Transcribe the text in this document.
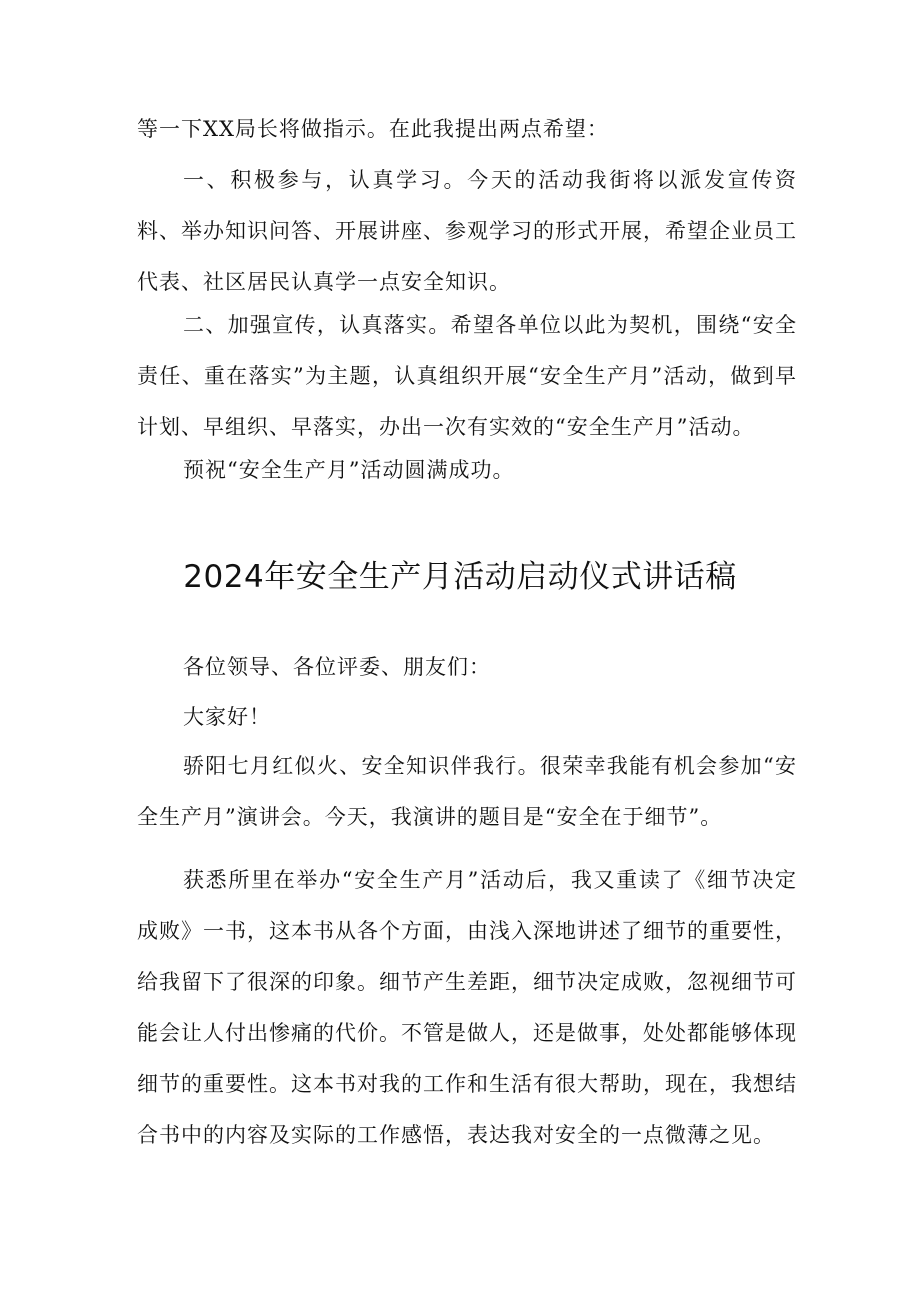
等一下XX局长将做指示。在此我提出两点希望：

一、积极参与，认真学习。今天的活动我街将以派发宣传资料、举办知识问答、开展讲座、参观学习的形式开展，希望企业员工代表、社区居民认真学一点安全知识。

二、加强宣传，认真落实。希望各单位以此为契机，围绕“安全责任、重在落实”为主题，认真组织开展“安全生产月”活动，做到早计划、早组织、早落实，办出一次有实效的“安全生产月”活动。

预祝“安全生产月”活动圆满成功。

2024年安全生产月活动启动仪式讲话稿

各位领导、各位评委、朋友们：

大家好！

骄阳七月红似火、安全知识伴我行。很荣幸我能有机会参加“安全生产月”演讲会。今天，我演讲的题目是“安全在于细节”。

获悉所里在举办“安全生产月”活动后，我又重读了《细节决定成败》一书，这本书从各个方面，由浅入深地讲述了细节的重要性，给我留下了很深的印象。细节产生差距，细节决定成败，忽视细节可能会让人付出惨痛的代价。不管是做人，还是做事，处处都能够体现细节的重要性。这本书对我的工作和生活有很大帮助，现在，我想结合书中的内容及实际的工作感悟，表达我对安全的一点微薄之见。
